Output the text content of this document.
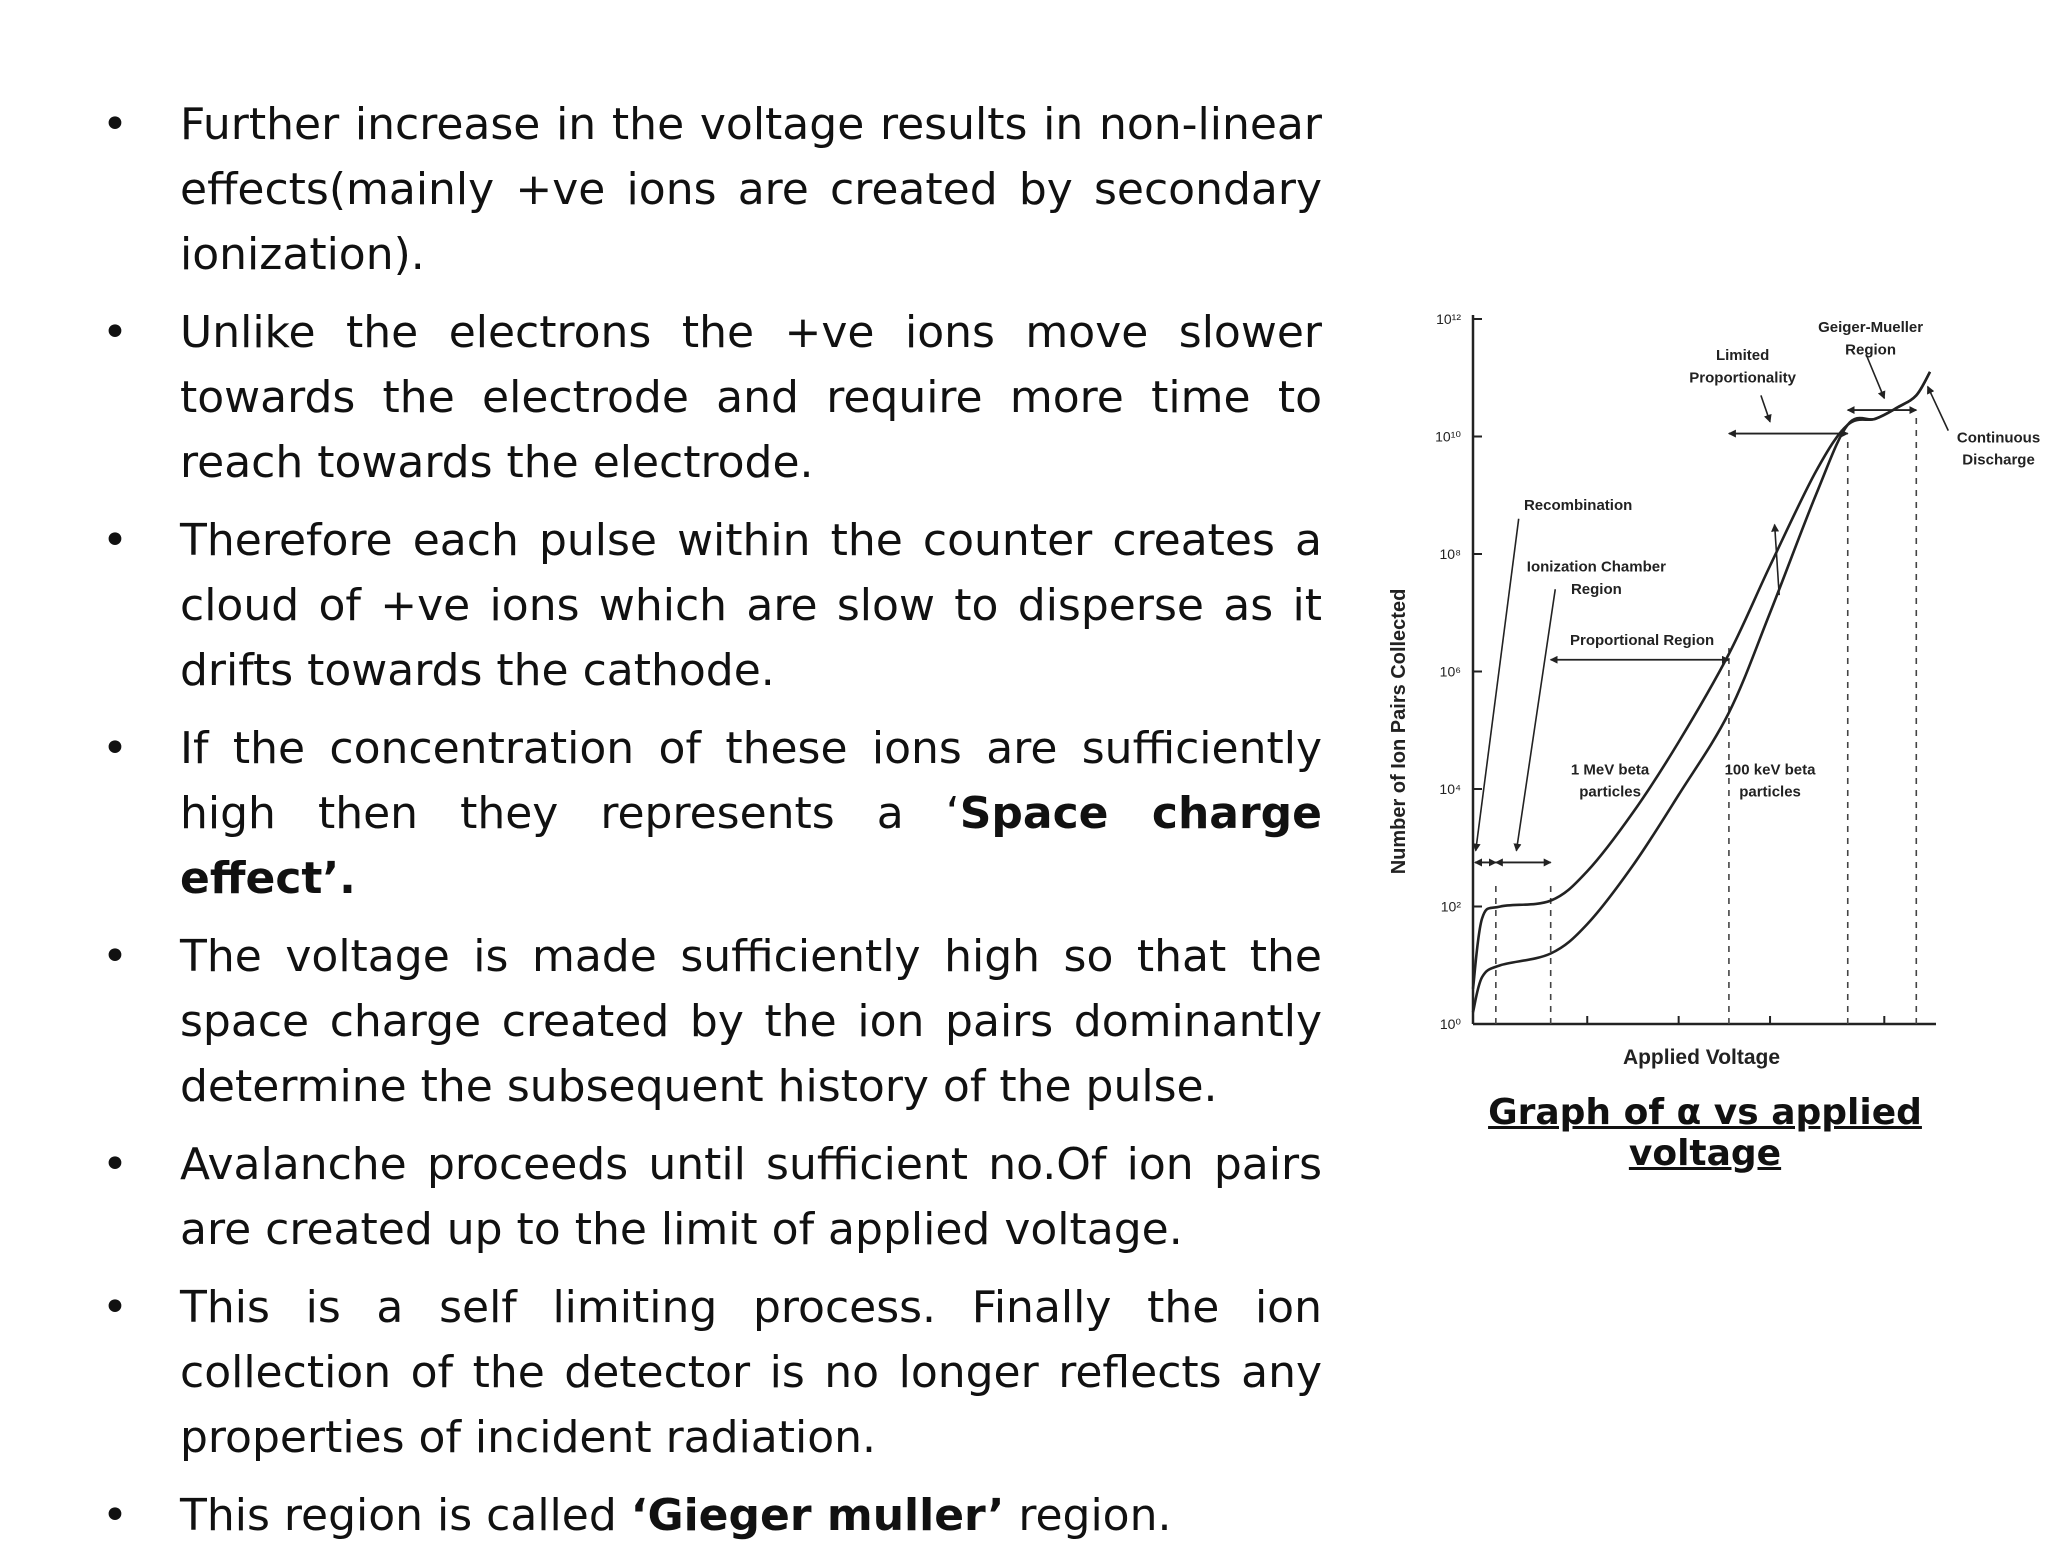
• Further increase in the voltage results in non-linear effects(mainly +ve ions are created by secondary ionization).
• Unlike the electrons the +ve ions move slower towards the electrode and require more time to reach towards the electrode.
• Therefore each pulse within the counter creates a cloud of +ve ions which are slow to disperse as it drifts towards the cathode.
• If the concentration of these ions are sufficiently high then they represents a ‘Space charge effect’.
• The voltage is made sufficiently high so that the space charge created by the ion pairs dominantly determine the subsequent history of the pulse.
• Avalanche proceeds until sufficient no.Of ion pairs are created up to the limit of applied voltage.
• This is a self limiting process. Finally the ion collection of the detector is no longer reflects any properties of incident radiation.
• This region is called ‘Gieger muller’ region.
10⁰
10²
10⁴
10⁶
10⁸
10¹⁰
10¹²
Recombination
Ionization Chamber
Region
Proportional Region
Limited
Proportionality
Geiger-Mueller
Region
Continuous
Discharge
1 MeV beta
particles
100 keV beta
particles
Applied Voltage
Number of Ion Pairs Collected
Graph of α vs applied voltage
